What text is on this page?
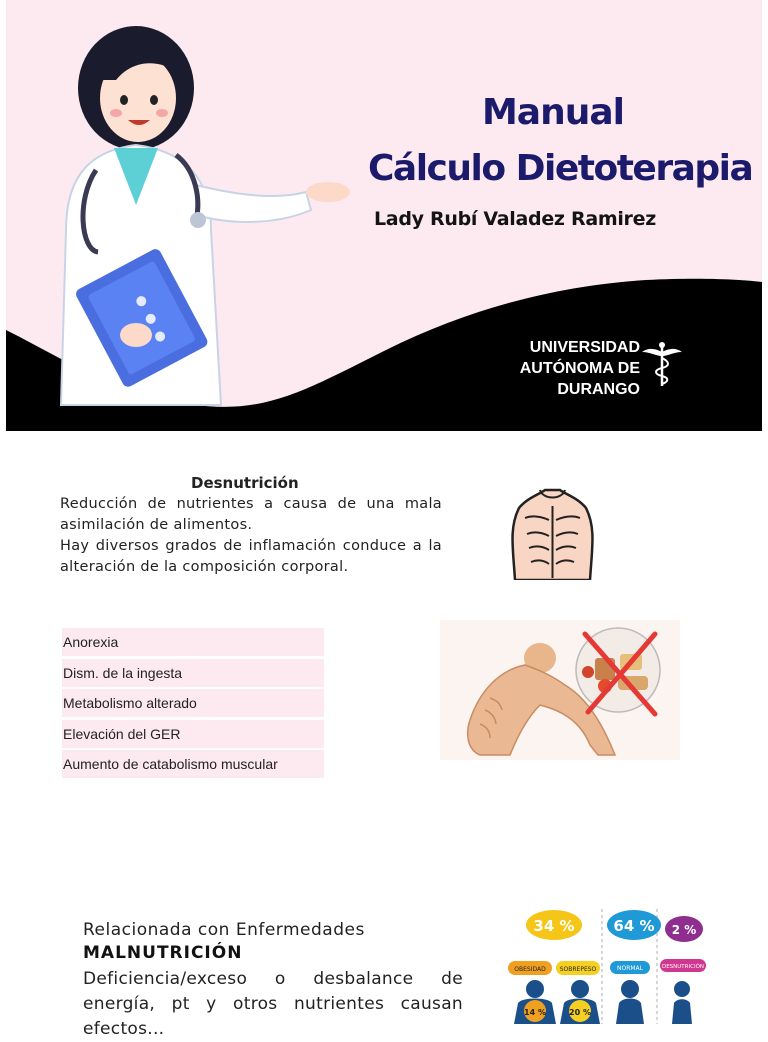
Manual
Cálculo Dietoterapia
Lady Rubí Valadez Ramirez
UNIVERSIDAD
AUTÓNOMA DE
DURANGO
Desnutrición
Reducción de nutrientes a causa de una mala asimilación de alimentos.
Hay diversos grados de inflamación conduce a la alteración de la composición corporal.
Anorexia
Dism. de la ingesta
Metabolismo alterado
Elevación del GER
Aumento de catabolismo muscular
Relacionada con Enfermedades
MALNUTRICIÓN
Deficiencia/exceso o desbalance de energía, pt y otros nutrientes causan efectos...
34 %
OBESIDAD SOBREPESO
14 %	20 %
64 %
NORMAL
2 %
DESNUTRICIÓN
